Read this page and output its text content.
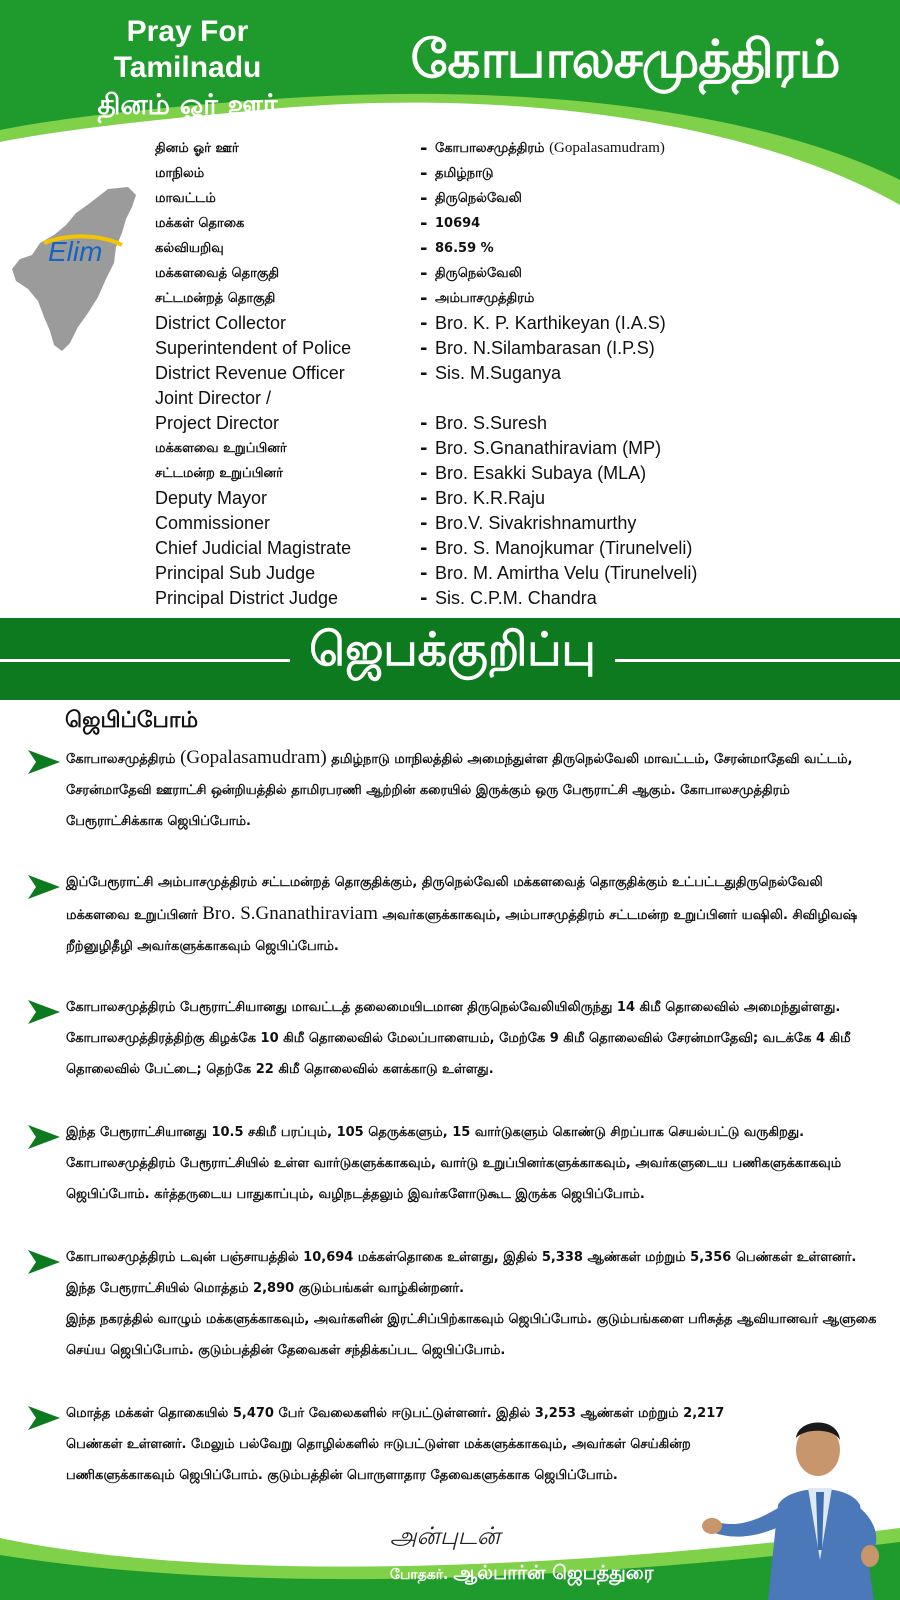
Pray For Tamilnadu
தினம் ஓர் ஊர்
கோபாலசமுத்திரம்
Elim
தினம் ஓர் ஊர்	- கோபாலசமுத்திரம் (Gopalasamudram)
மாநிலம்	- தமிழ்நாடு
மாவட்டம்	- திருநெல்வேலி
மக்கள் தொகை	- 10694
கல்வியறிவு	- 86.59 %
மக்களவைத் தொகுதி	- திருநெல்வேலி
சட்டமன்றத் தொகுதி	- அம்பாசமுத்திரம்
District Collector	- Bro. K. P. Karthikeyan (I.A.S)
Superintendent of Police	- Bro. N.Silambarasan (I.P.S)
District Revenue Officer	- Sis. M.Suganya
Joint Director /
Project Director	- Bro. S.Suresh
மக்களவை உறுப்பினர்	- Bro. S.Gnanathiraviam (MP)
சட்டமன்ற உறுப்பினர்	- Bro. Esakki Subaya (MLA)
Deputy Mayor	- Bro. K.R.Raju
Commissioner	- Bro.V. Sivakrishnamurthy
Chief Judicial Magistrate	- Bro. S. Manojkumar (Tirunelveli)
Principal Sub Judge	- Bro. M. Amirtha Velu (Tirunelveli)
Principal District Judge	- Sis. C.P.M. Chandra
ஜெபக்குறிப்பு
ஜெபிப்போம்
கோபாலசமுத்திரம் (Gopalasamudram) தமிழ்நாடு மாநிலத்தில் அமைந்துள்ள திருநெல்வேலி மாவட்டம், சேரன்மாதேவி வட்டம், சேரன்மாதேவி ஊராட்சி ஒன்றியத்தில் தாமிரபரணி ஆற்றின் கரையில் இருக்கும் ஒரு பேரூராட்சி ஆகும். கோபாலசமுத்திரம் பேரூராட்சிக்காக ஜெபிப்போம்.
இப்பேரூராட்சி அம்பாசமுத்திரம் சட்டமன்றத் தொகுதிக்கும், திருநெல்வேலி மக்களவைத் தொகுதிக்கும் உட்பட்டதுதிருநெல்வேலி மக்களவை உறுப்பினர் Bro. S.Gnanathiraviam அவர்களுக்காகவும், அம்பாசமுத்திரம் சட்டமன்ற உறுப்பினர் யஷிலி. சிவிழிவஷ் றீற்னுழிதீழி அவர்களுக்காகவும் ஜெபிப்போம்.
கோபாலசமுத்திரம் பேரூராட்சியானது மாவட்டத் தலைமையிடமான திருநெல்வேலியிலிருந்து 14 கிமீ தொலைவில் அமைந்துள்ளது. கோபாலசமுத்திரத்திற்கு கிழக்கே 10 கிமீ தொலைவில் மேலப்பாளையம், மேற்கே 9 கிமீ தொலைவில் சேரன்மாதேவி; வடக்கே 4 கிமீ தொலைவில் பேட்டை; தெற்கே 22 கிமீ தொலைவில் களக்காடு உள்ளது.
இந்த பேரூராட்சியானது 10.5 சகிமீ பரப்பும், 105 தெருக்களும், 15 வார்டுகளும் கொண்டு சிறப்பாக செயல்பட்டு வருகிறது. கோபாலசமுத்திரம் பேரூராட்சியில் உள்ள வார்டுகளுக்காகவும், வார்டு உறுப்பினர்களுக்காகவும், அவர்களுடைய பணிகளுக்காகவும் ஜெபிப்போம். கர்த்தருடைய பாதுகாப்பும், வழிநடத்தலும் இவர்களோடுகூட இருக்க ஜெபிப்போம்.
கோபாலசமுத்திரம் டவுன் பஞ்சாயத்தில் 10,694 மக்கள்தொகை உள்ளது, இதில் 5,338 ஆண்கள் மற்றும் 5,356 பெண்கள் உள்ளனர். இந்த பேரூராட்சியில் மொத்தம் 2,890 குடும்பங்கள் வாழ்கின்றனர்.
இந்த நகரத்தில் வாழும் மக்களுக்காகவும், அவர்களின் இரட்சிப்பிற்காகவும் ஜெபிப்போம். குடும்பங்களை பரிசுத்த ஆவியானவர் ஆளுகை செய்ய ஜெபிப்போம். குடும்பத்தின் தேவைகள் சந்திக்கப்பட ஜெபிப்போம்.
மொத்த மக்கள் தொகையில் 5,470 பேர் வேலைகளில் ஈடுபட்டுள்ளனர். இதில் 3,253 ஆண்கள் மற்றும் 2,217 பெண்கள் உள்ளனர். மேலும் பல்வேறு தொழில்களில் ஈடுபட்டுள்ள மக்களுக்காகவும், அவர்கள் செய்கின்ற பணிகளுக்காகவும் ஜெபிப்போம். குடும்பத்தின் பொருளாதார தேவைகளுக்காக ஜெபிப்போம்.
அன்புடன்
போதகர். ஆல்பார்ன் ஜெபத்துரை
